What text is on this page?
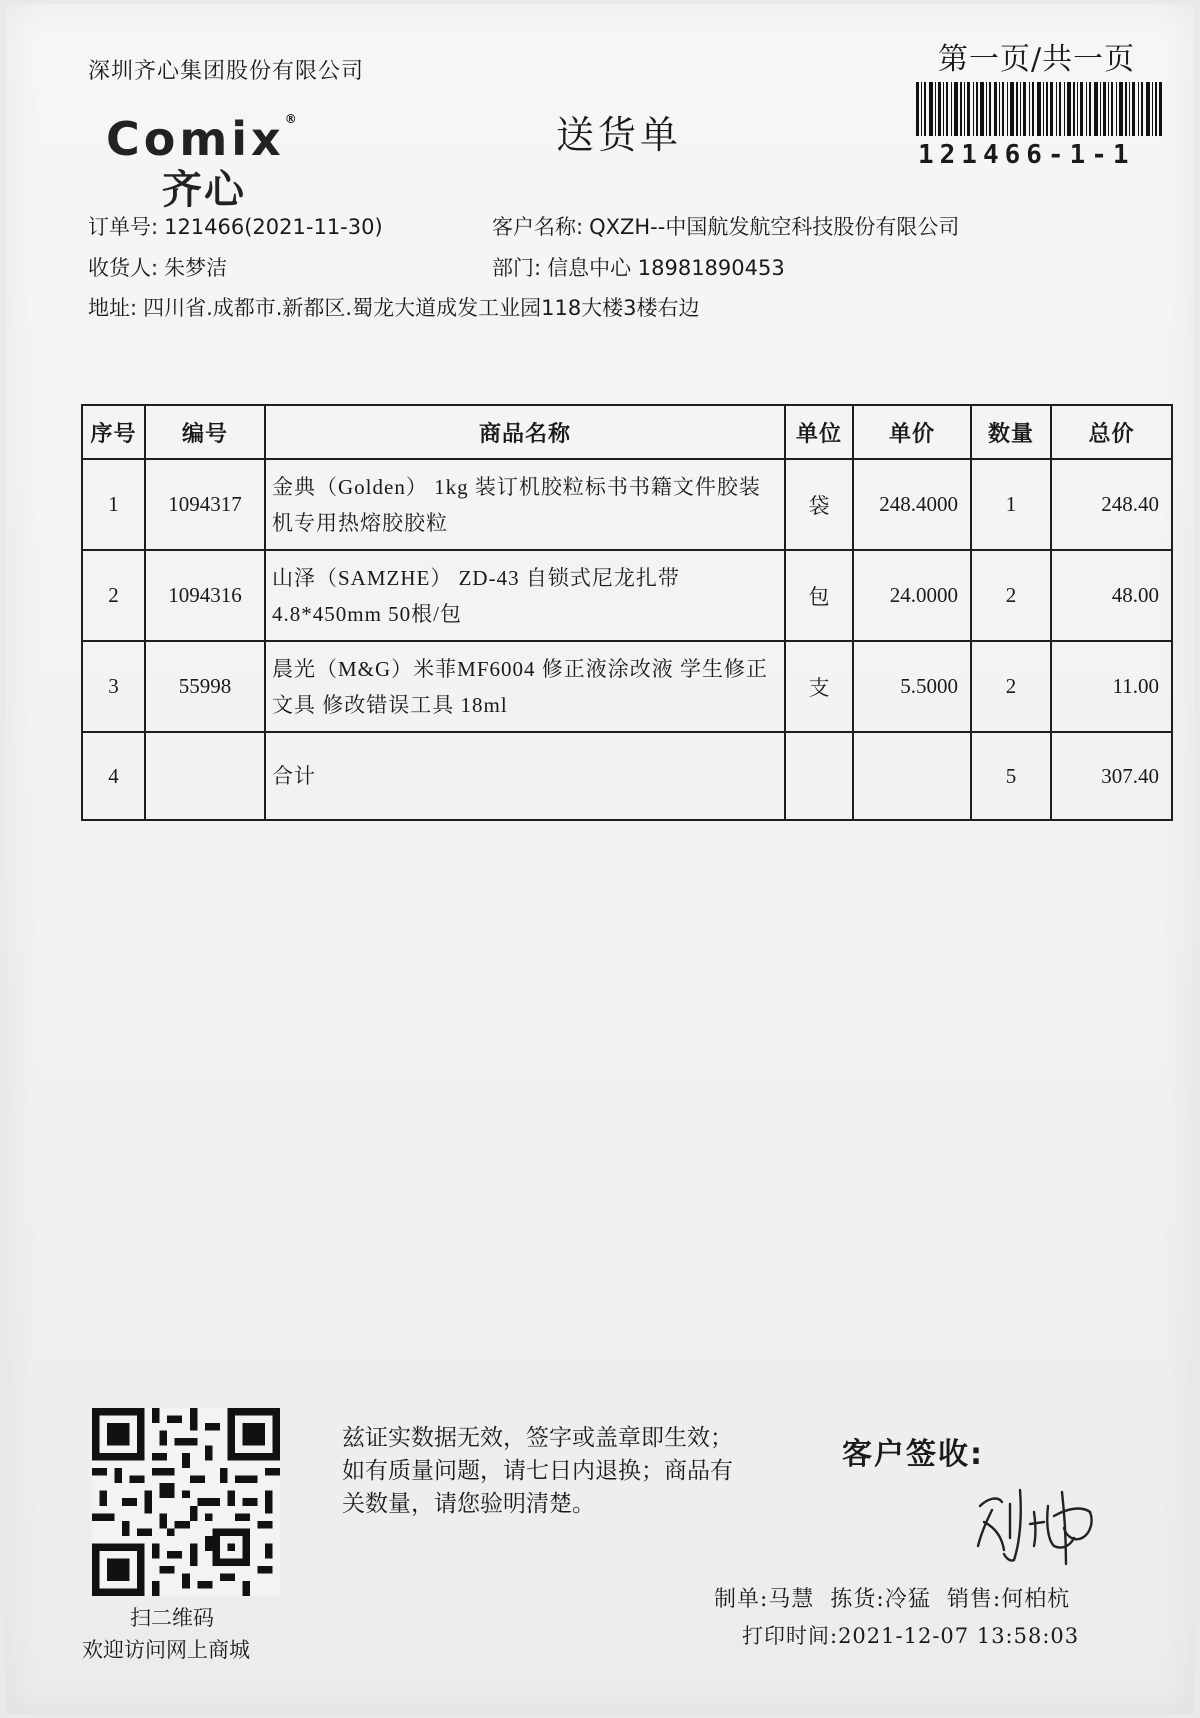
深圳齐心集团股份有限公司
Comix®
齐心
送货单
第一页/共一页
121466-1-1
订单号: 121466(2021-11-30)	客户名称: QXZH--中国航发航空科技股份有限公司
收货人: 朱梦洁	部门: 信息中心 18981890453
地址: 四川省.成都市.新都区.蜀龙大道成发工业园118大楼3楼右边
序号	编号	商品名称	单位	单价	数量	总价
1	1094317	金典（Golden） 1kg 装订机胶粒标书书籍文件胶装机专用热熔胶胶粒	袋	248.4000	1	248.40
2	1094316	山泽（SAMZHE） ZD-43 自锁式尼龙扎带 4.8*450mm 50根/包	包	24.0000	2	48.00
3	55998	晨光（M&G）米菲MF6004 修正液涂改液 学生修正文具 修改错误工具 18ml	支	5.5000	2	11.00
4		合计			5	307.40
扫二维码
欢迎访问网上商城
兹证实数据无效，签字或盖章即生效；如有质量问题，请七日内退换；商品有关数量，请您验明清楚。
客户签收:
制单:马慧 拣货:冷猛 销售:何柏杭
打印时间:2021-12-07 13:58:03
